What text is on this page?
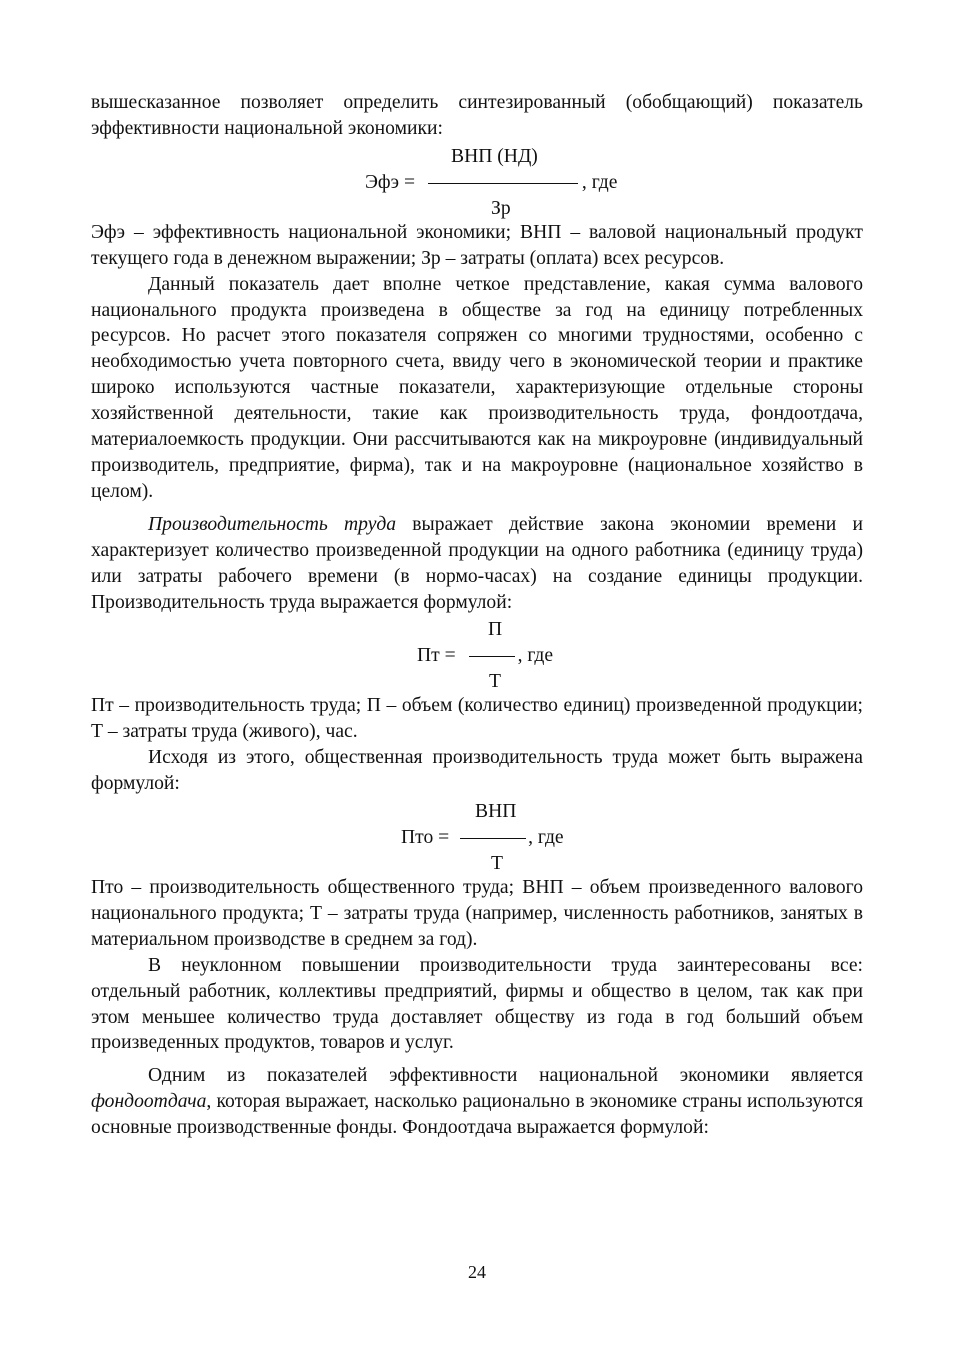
вышесказанное позволяет определить синтезированный (обобщающий) показатель эффективности национальной экономики:

ВНП (НД)
Эфэ =	, где
Зр

Эфэ – эффективность национальной экономики; ВНП – валовой национальный продукт текущего года в денежном выражении; Зр – затраты (оплата) всех ресурсов.

Данный показатель дает вполне четкое представление, какая сумма валового национального продукта произведена в обществе за год на единицу потребленных ресурсов. Но расчет этого показателя сопряжен со многими трудностями, особенно с необходимостью учета повторного счета, ввиду чего в экономической теории и практике широко используются частные показатели, характеризующие отдельные стороны хозяйственной деятельности, такие как производительность труда, фондоотдача, материалоемкость продукции. Они рассчитываются как на микроуровне (индивидуальный производитель, предприятие, фирма), так и на макроуровне (национальное хозяйство в целом).

Производительность труда выражает действие закона экономии времени и характеризует количество произведенной продукции на одного работника (единицу труда) или затраты рабочего времени (в нормо-часах) на создание единицы продукции. Производительность труда выражается формулой:

П
Пт =	, где
Т

Пт – производительность труда; П – объем (количество единиц) произведенной продукции; Т – затраты труда (живого), час.

Исходя из этого, общественная производительность труда может быть выражена формулой:

ВНП
Пто =	, где
Т

Пто – производительность общественного труда; ВНП – объем произведенного валового национального продукта; Т – затраты труда (например, численность работников, занятых в материальном производстве в среднем за год).

В неуклонном повышении производительности труда заинтересованы все: отдельный работник, коллективы предприятий, фирмы и общество в целом, так как при этом меньшее количество труда доставляет обществу из года в год больший объем произведенных продуктов, товаров и услуг.

Одним из показателей эффективности национальной экономики является фондоотдача, которая выражает, насколько рационально в экономике страны используются основные производственные фонды. Фондоотдача выражается формулой:

24
